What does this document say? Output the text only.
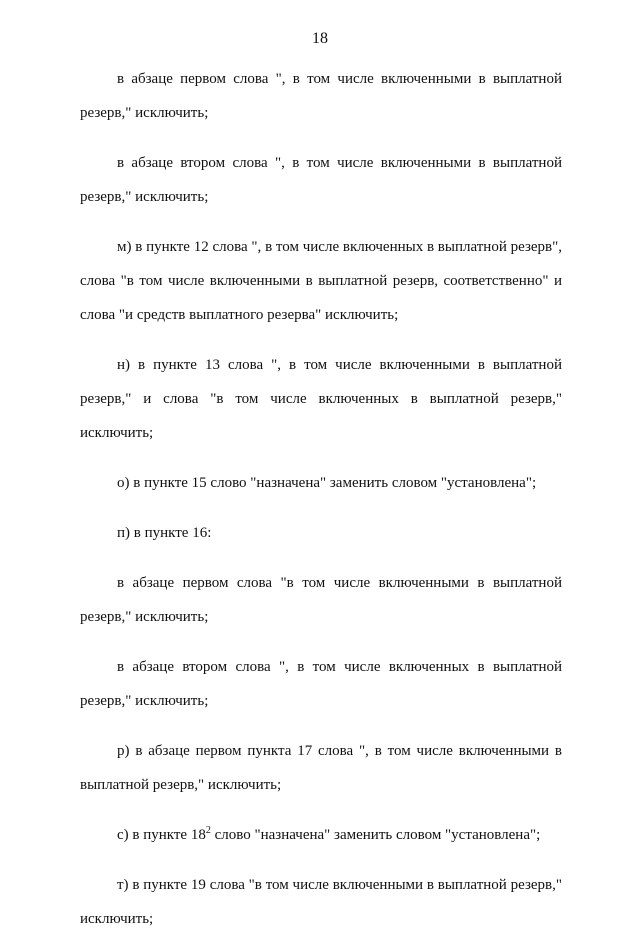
18

в абзаце первом слова ", в том числе включенными в выплатной резерв," исключить;

в абзаце втором слова ", в том числе включенными в выплатной резерв," исключить;

м) в пункте 12 слова ", в том числе включенных в выплатной резерв", слова "в том числе включенными в выплатной резерв, соответственно" и слова "и средств выплатного резерва" исключить;

н) в пункте 13 слова ", в том числе включенными в выплатной резерв," и слова "в том числе включенных в выплатной резерв," исключить;

о) в пункте 15 слово "назначена" заменить словом "установлена";

п) в пункте 16:

в абзаце первом слова "в том числе включенными в выплатной резерв," исключить;

в абзаце втором слова ", в том числе включенных в выплатной резерв," исключить;

р) в абзаце первом пункта 17 слова ", в том числе включенными в выплатной резерв," исключить;

с) в пункте $18^2$ слово "назначена" заменить словом "установлена";

т) в пункте 19 слова "в том числе включенными в выплатной резерв," исключить;
